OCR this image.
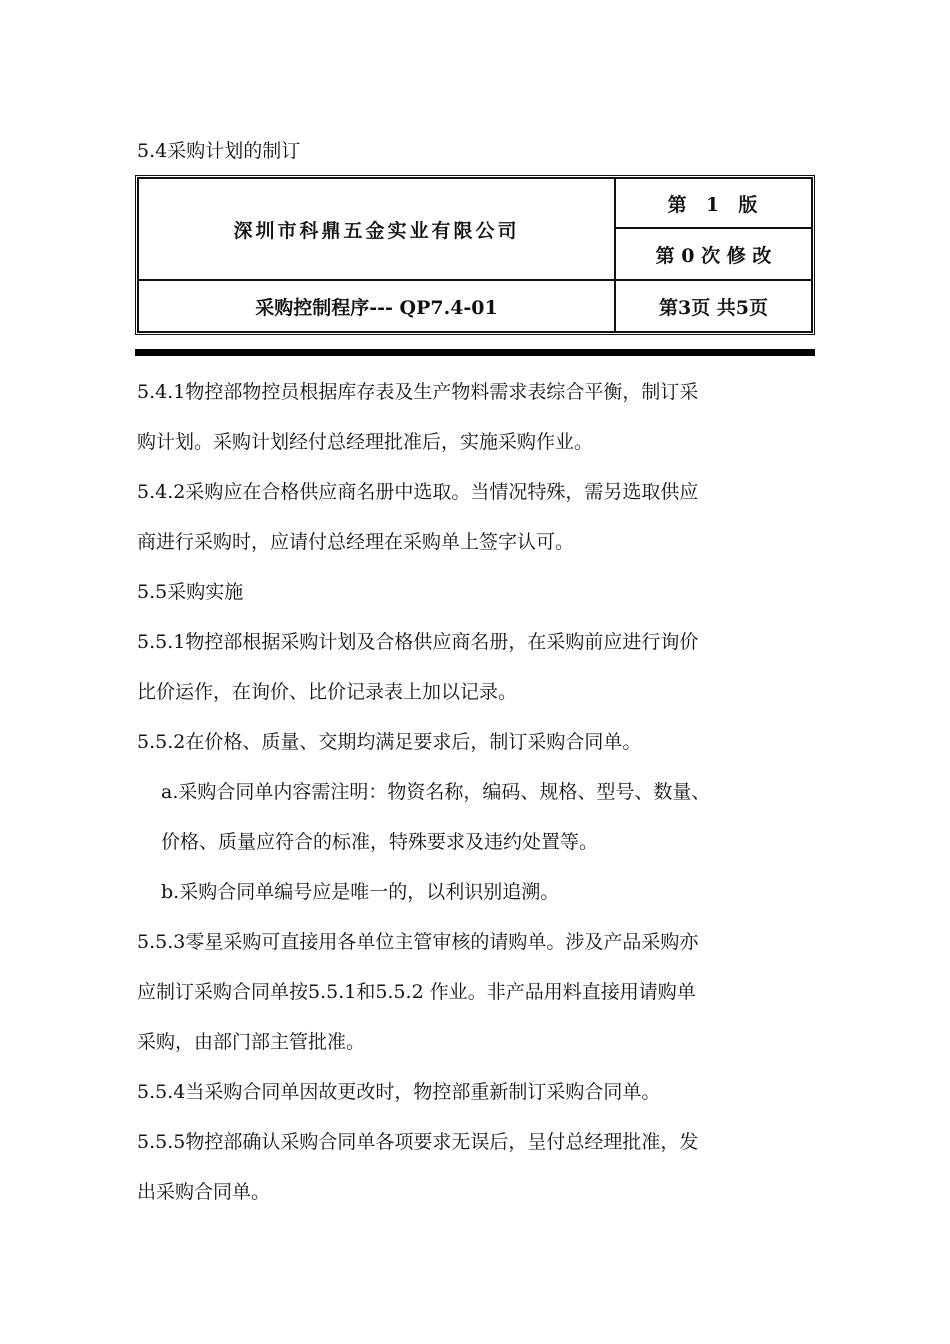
5.4采购计划的制订
深圳市科鼎五金实业有限公司	第  1  版
	第 0 次 修 改
采购控制程序--- QP7.4-01	第3页 共5页

5.4.1物控部物控员根据库存表及生产物料需求表综合平衡，制订采

购计划。采购计划经付总经理批准后，实施采购作业。

5.4.2采购应在合格供应商名册中选取。当情况特殊，需另选取供应

商进行采购时，应请付总经理在采购单上签字认可。

5.5采购实施

5.5.1物控部根据采购计划及合格供应商名册，在采购前应进行询价

比价运作，在询价、比价记录表上加以记录。

5.5.2在价格、质量、交期均满足要求后，制订采购合同单。

a.采购合同单内容需注明：物资名称，编码、规格、型号、数量、

价格、质量应符合的标准，特殊要求及违约处置等。

b.采购合同单编号应是唯一的，以利识别追溯。

5.5.3零星采购可直接用各单位主管审核的请购单。涉及产品采购亦

应制订采购合同单按5.5.1和5.5.2 作业。非产品用料直接用请购单

采购，由部门部主管批准。

5.5.4当采购合同单因故更改时，物控部重新制订采购合同单。

5.5.5物控部确认采购合同单各项要求无误后，呈付总经理批准，发

出采购合同单。
